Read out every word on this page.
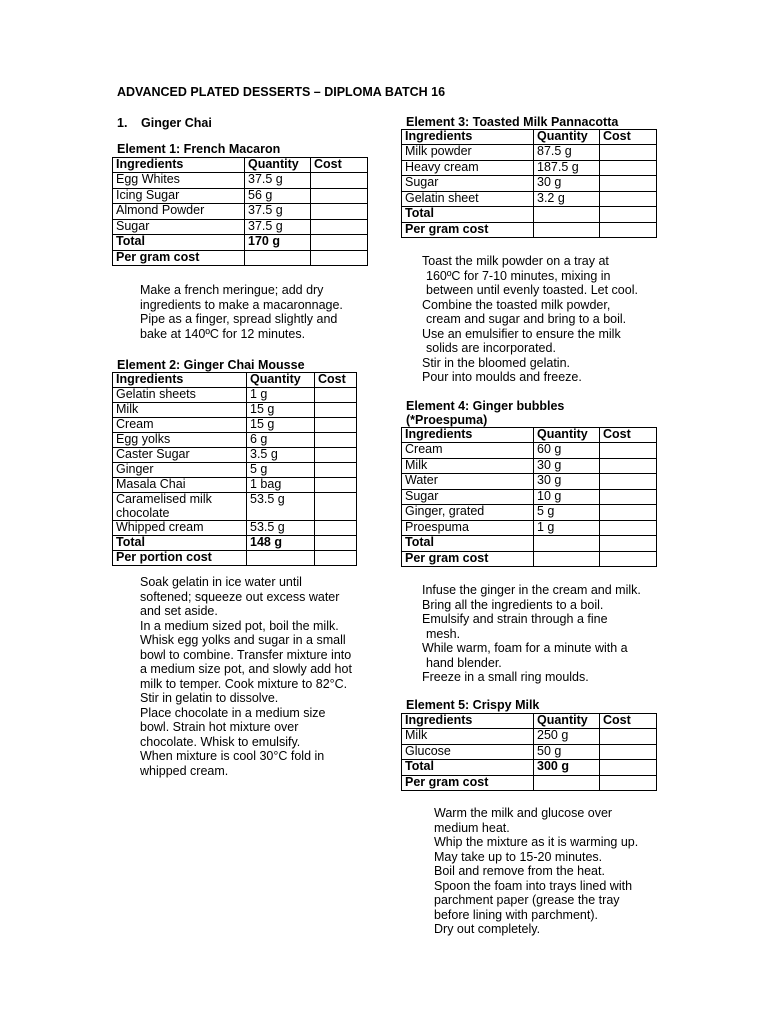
ADVANCED PLATED DESSERTS – DIPLOMA BATCH 16
1. Ginger Chai
Element 1: French Macaron
Ingredients	Quantity	Cost
Egg Whites	37.5 g	
Icing Sugar	56 g	
Almond Powder	37.5 g	
Sugar	37.5 g	
Total	170 g	
Per gram cost		
Make a french meringue; add dry
ingredients to make a macaronnage.
Pipe as a finger, spread slightly and
bake at 140ºC for 12 minutes.
Element 2: Ginger Chai Mousse
Ingredients	Quantity	Cost
Gelatin sheets	1 g	
Milk	15 g	
Cream	15 g	
Egg yolks	6 g	
Caster Sugar	3.5 g	
Ginger	5 g	
Masala Chai	1 bag	
Caramelised milk chocolate	53.5 g	
Whipped cream	53.5 g	
Total	148 g	
Per portion cost		
Soak gelatin in ice water until
softened; squeeze out excess water
and set aside.
In a medium sized pot, boil the milk.
Whisk egg yolks and sugar in a small
bowl to combine. Transfer mixture into
a medium size pot, and slowly add hot
milk to temper. Cook mixture to 82°C.
Stir in gelatin to dissolve.
Place chocolate in a medium size
bowl. Strain hot mixture over
chocolate. Whisk to emulsify.
When mixture is cool 30°C fold in
whipped cream.
Element 3: Toasted Milk Pannacotta
Ingredients	Quantity	Cost
Milk powder	87.5 g	
Heavy cream	187.5 g	
Sugar	30 g	
Gelatin sheet	3.2 g	
Total		
Per gram cost		
Toast the milk powder on a tray at
160ºC for 7-10 minutes, mixing in
between until evenly toasted. Let cool.
Combine the toasted milk powder,
cream and sugar and bring to a boil.
Use an emulsifier to ensure the milk
solids are incorporated.
Stir in the bloomed gelatin.
Pour into moulds and freeze.
Element 4: Ginger bubbles
(*Proespuma)
Ingredients	Quantity	Cost
Cream	60 g	
Milk	30 g	
Water	30 g	
Sugar	10 g	
Ginger, grated	5 g	
Proespuma	1 g	
Total		
Per gram cost		
Infuse the ginger in the cream and milk.
Bring all the ingredients to a boil.
Emulsify and strain through a fine
mesh.
While warm, foam for a minute with a
hand blender.
Freeze in a small ring moulds.
Element 5: Crispy Milk
Ingredients	Quantity	Cost
Milk	250 g	
Glucose	50 g	
Total	300 g	
Per gram cost		
Warm the milk and glucose over
medium heat.
Whip the mixture as it is warming up.
May take up to 15-20 minutes.
Boil and remove from the heat.
Spoon the foam into trays lined with
parchment paper (grease the tray
before lining with parchment).
Dry out completely.
